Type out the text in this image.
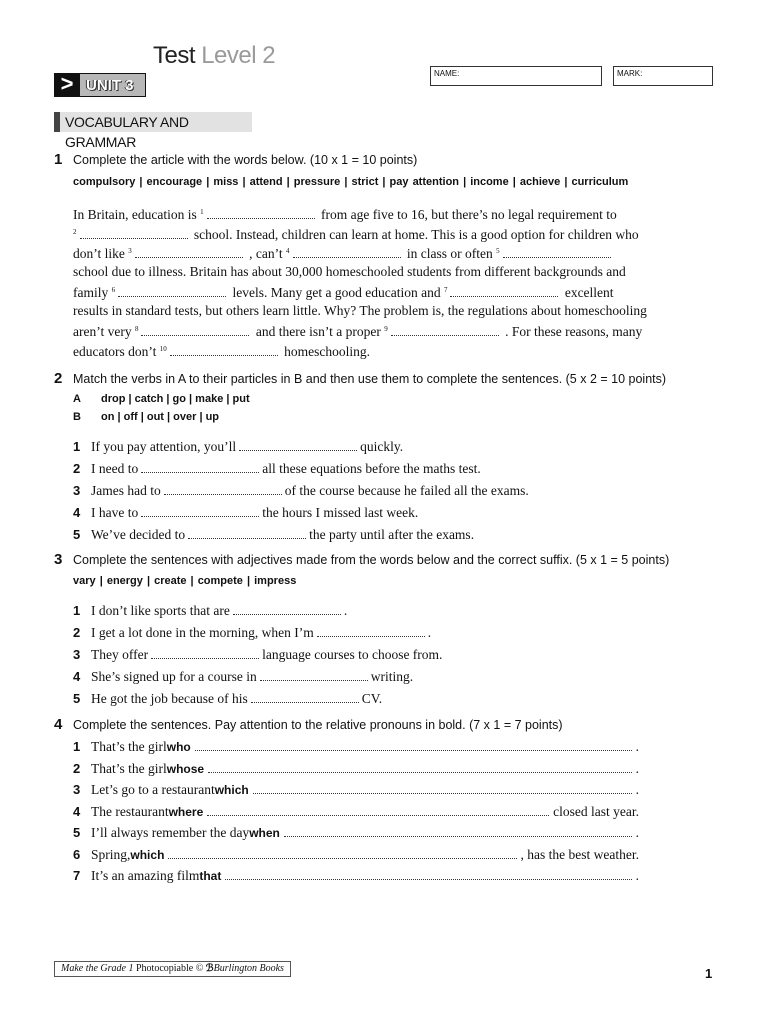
Test Level 2
> UNIT 3
NAME:	MARK:
VOCABULARY AND GRAMMAR
1 Complete the article with the words below. (10 x 1 = 10 points)
compulsory | encourage | miss | attend | pressure | strict | pay attention | income | achieve | curriculum
In Britain, education is $^1$	from age five to 16, but there’s no legal requirement to
$^2$	school. Instead, children can learn at home. This is a good option for children who
don’t like $^3$	, can’t $^4$	in class or often $^5$
school due to illness. Britain has about 30,000 homeschooled students from different backgrounds and
family $^6$	levels. Many get a good education and $^7$	excellent
results in standard tests, but others learn little. Why? The problem is, the regulations about homeschooling
aren’t very $^8$	and there isn’t a proper $^9$	. For these reasons, many
educators don’t $^{10}$	homeschooling.
2 Match the verbs in A to their particles in B and then use them to complete the sentences. (5 x 2 = 10 points)
A drop | catch | go | make | put
B on | off | out | over | up
1 If you pay attention, you’ll	quickly.
2 I need to	all these equations before the maths test.
3 James had to	of the course because he failed all the exams.
4 I have to	the hours I missed last week.
5 We’ve decided to	the party until after the exams.
3 Complete the sentences with adjectives made from the words below and the correct suffix. (5 x 1 = 5 points)
vary | energy | create | compete | impress
1 I don’t like sports that are	.
2 I get a lot done in the morning, when I’m	.
3 They offer	language courses to choose from.
4 She’s signed up for a course in	writing.
5 He got the job because of his	CV.
4 Complete the sentences. Pay attention to the relative pronouns in bold. (7 x 1 = 7 points)
1 That’s the girl who	.
2 That’s the girl whose	.
3 Let’s go to a restaurant which	.
4 The restaurant where	closed last year.
5 I’ll always remember the day when	.
6 Spring, which	, has the best weather.
7 It’s an amazing film that	.
Make the Grade 1 Photocopiable © ℬBurlington Books	1
